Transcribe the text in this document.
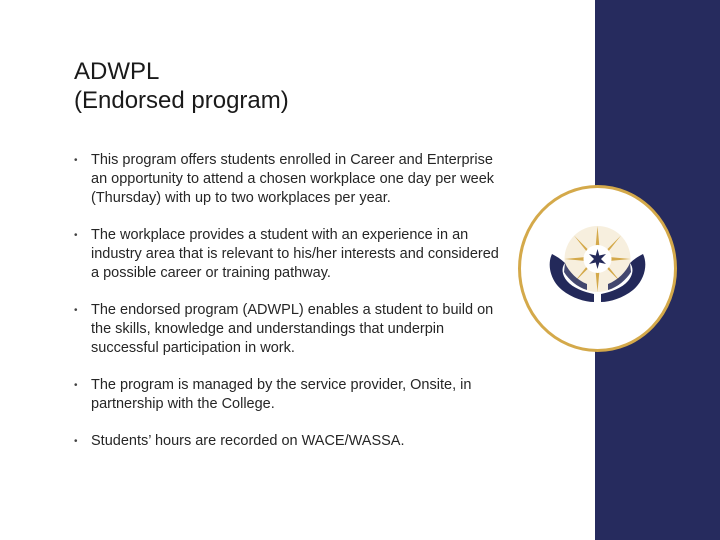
ADWPL
(Endorsed program)
• This program offers students enrolled in Career and Enterprise an opportunity to attend a chosen workplace one day per week (Thursday) with up to two workplaces per year.
• The workplace provides a student with an experience in an industry area that is relevant to his/her interests and considered a possible career or training pathway.
• The endorsed program (ADWPL) enables a student to build on the skills, knowledge and understandings that underpin successful participation in work.
• The program is managed by the service provider, Onsite, in partnership with the College.
• Students’ hours are recorded on WACE/WASSA.
